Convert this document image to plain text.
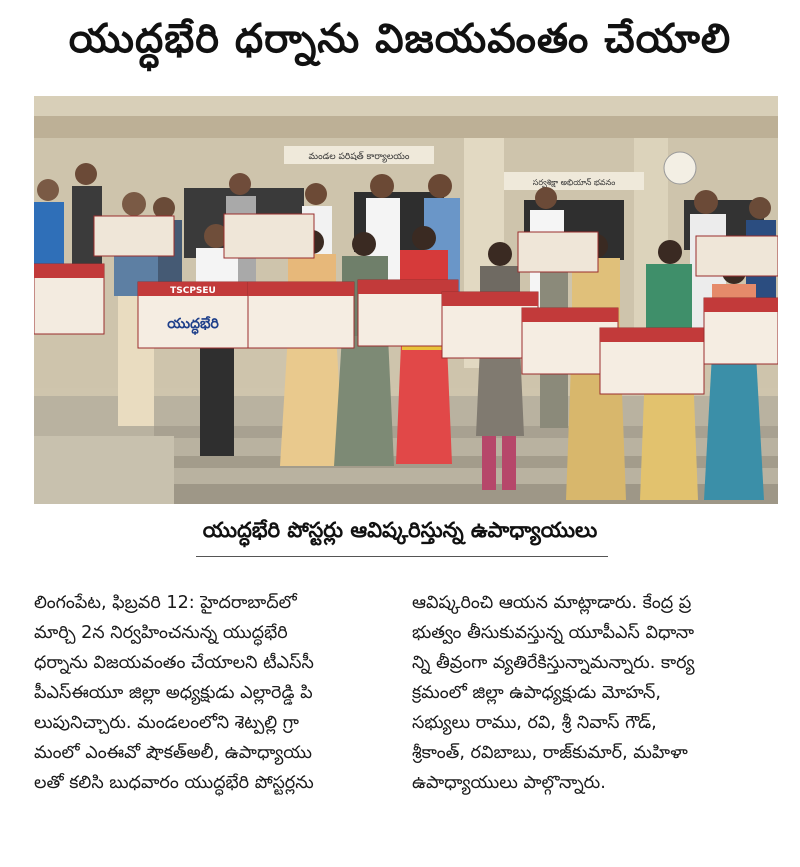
యుద్ధభేరి ధర్నాను విజయవంతం చేయాలి
మండల పరిషత్ కార్యాలయం
సర్వశిక్షా అభియాన్ భవనం
TSCPSEU
యుద్ధభేరి
యుద్ధభేరి పోస్టర్లు ఆవిష్కరిస్తున్న ఉపాధ్యాయులు
లింగంపేట, ఫిబ్రవరి 12: హైదరాబాద్‌లో
మార్చి 2న నిర్వహించనున్న యుద్ధభేరి
ధర్నాను విజయవంతం చేయాలని టీఎస్‌సీ
పీఎస్‌ఈయూ జిల్లా అధ్యక్షుడు ఎల్లారెడ్డి పి
లుపునిచ్చారు. మండలంలోని శెట్పల్లి గ్రా
మంలో ఎంఈవో షౌకత్‌అలీ, ఉపాధ్యాయు
లతో కలిసి బుధవారం యుద్ధభేరి పోస్టర్లను
ఆవిష్కరించి ఆయన మాట్లాడారు. కేంద్ర ప్ర
భుత్వం తీసుకువస్తున్న యూపీఎస్ విధానా
న్ని తీవ్రంగా వ్యతిరేకిస్తున్నామన్నారు. కార్య
క్రమంలో జిల్లా ఉపాధ్యక్షుడు మోహన్,
సభ్యులు రాము, రవి, శ్రీ నివాస్ గౌడ్,
శ్రీకాంత్, రవిబాబు, రాజ్‌కుమార్, మహిళా
ఉపాధ్యాయులు పాల్గొన్నారు.
